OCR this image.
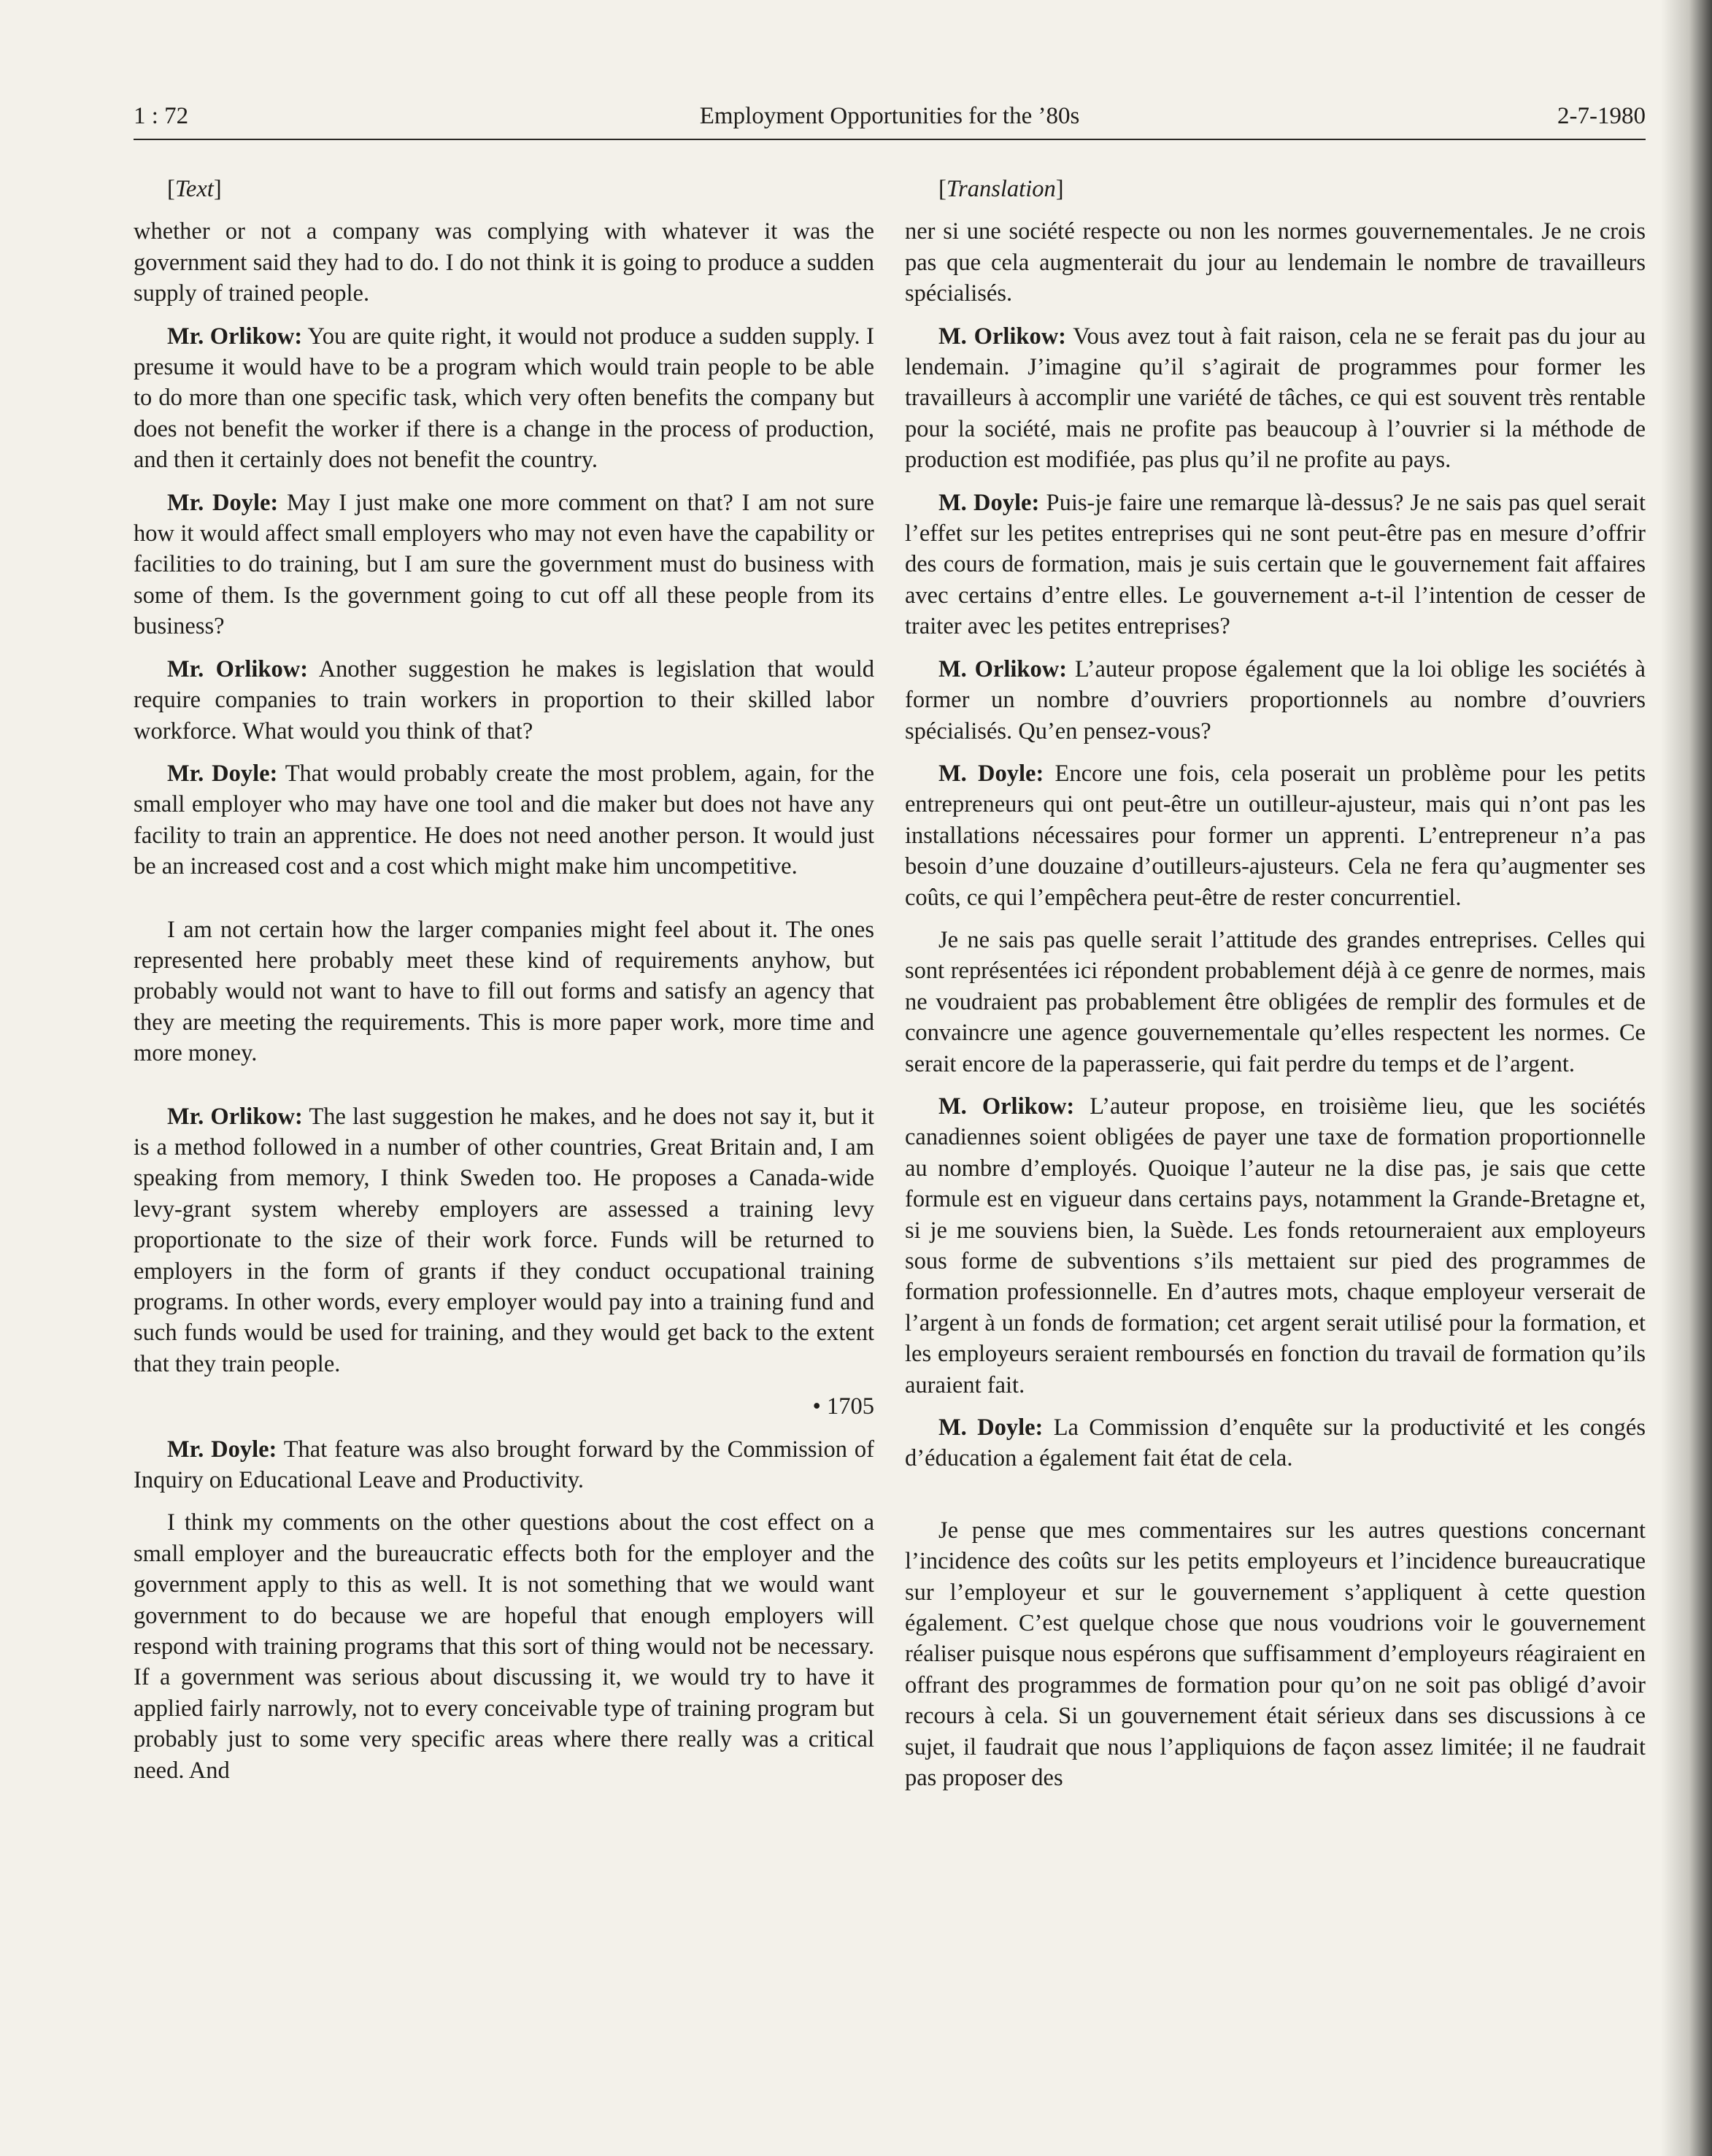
1 : 72	Employment Opportunities for the ’80s	2-7-1980

[Text]

whether or not a company was complying with whatever it was the government said they had to do. I do not think it is going to produce a sudden supply of trained people.

Mr. Orlikow: You are quite right, it would not produce a sudden supply. I presume it would have to be a program which would train people to be able to do more than one specific task, which very often benefits the company but does not benefit the worker if there is a change in the process of production, and then it certainly does not benefit the country.

Mr. Doyle: May I just make one more comment on that? I am not sure how it would affect small employers who may not even have the capability or facilities to do training, but I am sure the government must do business with some of them. Is the government going to cut off all these people from its business?

Mr. Orlikow: Another suggestion he makes is legislation that would require companies to train workers in proportion to their skilled labor workforce. What would you think of that?

Mr. Doyle: That would probably create the most problem, again, for the small employer who may have one tool and die maker but does not have any facility to train an apprentice. He does not need another person. It would just be an increased cost and a cost which might make him uncompetitive.

I am not certain how the larger companies might feel about it. The ones represented here probably meet these kind of requirements anyhow, but probably would not want to have to fill out forms and satisfy an agency that they are meeting the requirements. This is more paper work, more time and more money.

Mr. Orlikow: The last suggestion he makes, and he does not say it, but it is a method followed in a number of other countries, Great Britain and, I am speaking from memory, I think Sweden too. He proposes a Canada-wide levy-grant system whereby employers are assessed a training levy proportionate to the size of their work force. Funds will be returned to employers in the form of grants if they conduct occupational training programs. In other words, every employer would pay into a training fund and such funds would be used for training, and they would get back to the extent that they train people.

• 1705

Mr. Doyle: That feature was also brought forward by the Commission of Inquiry on Educational Leave and Productivity.

I think my comments on the other questions about the cost effect on a small employer and the bureaucratic effects both for the employer and the government apply to this as well. It is not something that we would want government to do because we are hopeful that enough employers will respond with training programs that this sort of thing would not be necessary. If a government was serious about discussing it, we would try to have it applied fairly narrowly, not to every conceivable type of training program but probably just to some very specific areas where there really was a critical need. And

[Translation]

ner si une société respecte ou non les normes gouvernementales. Je ne crois pas que cela augmenterait du jour au lendemain le nombre de travailleurs spécialisés.

M. Orlikow: Vous avez tout à fait raison, cela ne se ferait pas du jour au lendemain. J’imagine qu’il s’agirait de programmes pour former les travailleurs à accomplir une variété de tâches, ce qui est souvent très rentable pour la société, mais ne profite pas beaucoup à l’ouvrier si la méthode de production est modifiée, pas plus qu’il ne profite au pays.

M. Doyle: Puis-je faire une remarque là-dessus? Je ne sais pas quel serait l’effet sur les petites entreprises qui ne sont peut-être pas en mesure d’offrir des cours de formation, mais je suis certain que le gouvernement fait affaires avec certains d’entre elles. Le gouvernement a-t-il l’intention de cesser de traiter avec les petites entreprises?

M. Orlikow: L’auteur propose également que la loi oblige les sociétés à former un nombre d’ouvriers proportionnels au nombre d’ouvriers spécialisés. Qu’en pensez-vous?

M. Doyle: Encore une fois, cela poserait un problème pour les petits entrepreneurs qui ont peut-être un outilleur-ajusteur, mais qui n’ont pas les installations nécessaires pour former un apprenti. L’entrepreneur n’a pas besoin d’une douzaine d’outilleurs-ajusteurs. Cela ne fera qu’augmenter ses coûts, ce qui l’empêchera peut-être de rester concurrentiel.

Je ne sais pas quelle serait l’attitude des grandes entreprises. Celles qui sont représentées ici répondent probablement déjà à ce genre de normes, mais ne voudraient pas probablement être obligées de remplir des formules et de convaincre une agence gouvernementale qu’elles respectent les normes. Ce serait encore de la paperasserie, qui fait perdre du temps et de l’argent.

M. Orlikow: L’auteur propose, en troisième lieu, que les sociétés canadiennes soient obligées de payer une taxe de formation proportionnelle au nombre d’employés. Quoique l’auteur ne la dise pas, je sais que cette formule est en vigueur dans certains pays, notamment la Grande-Bretagne et, si je me souviens bien, la Suède. Les fonds retourneraient aux employeurs sous forme de subventions s’ils mettaient sur pied des programmes de formation professionnelle. En d’autres mots, chaque employeur verserait de l’argent à un fonds de formation; cet argent serait utilisé pour la formation, et les employeurs seraient remboursés en fonction du travail de formation qu’ils auraient fait.

M. Doyle: La Commission d’enquête sur la productivité et les congés d’éducation a également fait état de cela.

Je pense que mes commentaires sur les autres questions concernant l’incidence des coûts sur les petits employeurs et l’incidence bureaucratique sur l’employeur et sur le gouvernement s’appliquent à cette question également. C’est quelque chose que nous voudrions voir le gouvernement réaliser puisque nous espérons que suffisamment d’employeurs réagiraient en offrant des programmes de formation pour qu’on ne soit pas obligé d’avoir recours à cela. Si un gouvernement était sérieux dans ses discussions à ce sujet, il faudrait que nous l’appliquions de façon assez limitée; il ne faudrait pas proposer des
